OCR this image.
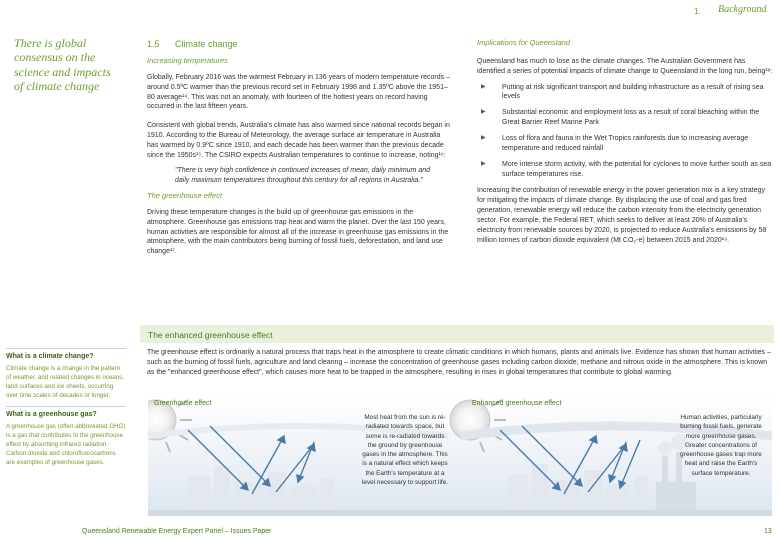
1. Background
There is global consensus on the science and impacts of climate change
1.5 Climate change
Increasing temperatures

Globally, February 2016 was the warmest February in 136 years of modern temperature records – around 0.5ºC warmer than the previous record set in February 1998 and 1.35ºC above the 1951–80 average¹⁴. This was not an anomaly, with fourteen of the hottest years on record having occurred in the last fifteen years.

Consistent with global trends, Australia's climate has also warmed since national records began in 1910. According to the Bureau of Meteorology, the average surface air temperature in Australia has warmed by 0.9ºC since 1910, and each decade has been warmer than the previous decade since the 1950s¹⁵. The CSIRO expects Australian temperatures to continue to increase, noting¹⁶:

"There is very high confidence in continued increases of mean, daily minimum and daily maximum temperatures throughout this century for all regions in Australia."

The greenhouse effect

Driving these temperature changes is the build up of greenhouse gas emissions in the atmosphere. Greenhouse gas emissions trap heat and warm the planet. Over the last 150 years, human activities are responsible for almost all of the increase in greenhouse gas emissions in the atmosphere, with the main contributors being burning of fossil fuels, deforestation, and land use change¹⁷.

Implications for Queensland

Queensland has much to lose as the climate changes. The Australian Government has identified a series of potential impacts of climate change to Queensland in the long run, being¹⁸:

▶ Putting at risk significant transport and building infrastructure as a result of rising sea levels
▶ Substantial economic and employment loss as a result of coral bleaching within the Great Barrier Reef Marine Park
▶ Loss of flora and fauna in the Wet Tropics rainforests due to increasing average temperature and reduced rainfall
▶ More intense storm activity, with the potential for cyclones to move further south as sea surface temperatures rise.

Increasing the contribution of renewable energy in the power generation mix is a key strategy for mitigating the impacts of climate change. By displacing the use of coal and gas fired generation, renewable energy will reduce the carbon intensity from the electricity generation sector. For example, the Federal RET, which seeks to deliver at least 20% of Australia's electricity from renewable sources by 2020, is projected to reduce Australia's emissions by 58 million tonnes of carbon dioxide equivalent (Mt CO₂-e) between 2015 and 2020¹⁹.

The enhanced greenhouse effect

The greenhouse effect is ordinarily a natural process that traps heat in the atmosphere to create climatic conditions in which humans, plants and animals live. Evidence has shown that human activities – such as the burning of fossil fuels, agriculture and land clearing – increase the concentration of greenhouse gases including carbon dioxide, methane and nitrous oxide in the atmosphere. This is known as the "enhanced greenhouse effect", which causes more heat to be trapped in the atmosphere, resulting in rises in global temperatures that contribute to global warming.

What is a climate change?
Climate change is a change in the pattern of weather, and related changes in oceans, land surfaces and ice sheets, occurring over time scales of decades or longer.
What is a greenhouse gas?
A greenhouse gas (often abbreviated GHG) is a gas that contributes to the greenhouse effect by absorbing infrared radiation. Carbon dioxide and chlorofluorocarbons are examples of greenhouse gases.
Greenhouse effect	Enhanced greenhouse effect
Most heat from the sun is re-radiated towards space, but some is re-radiated towards the ground by greenhouse gases in the atmosphere. This is a natural effect which keeps the Earth's temperature at a level necessary to support life.
Human activities, particularly burning fossil fuels, generate more greenhouse gases. Greater concentrations of greenhouse gases trap more heat and raise the Earth's surface temperature.
Queensland Renewable Energy Expert Panel – Issues Paper	13
